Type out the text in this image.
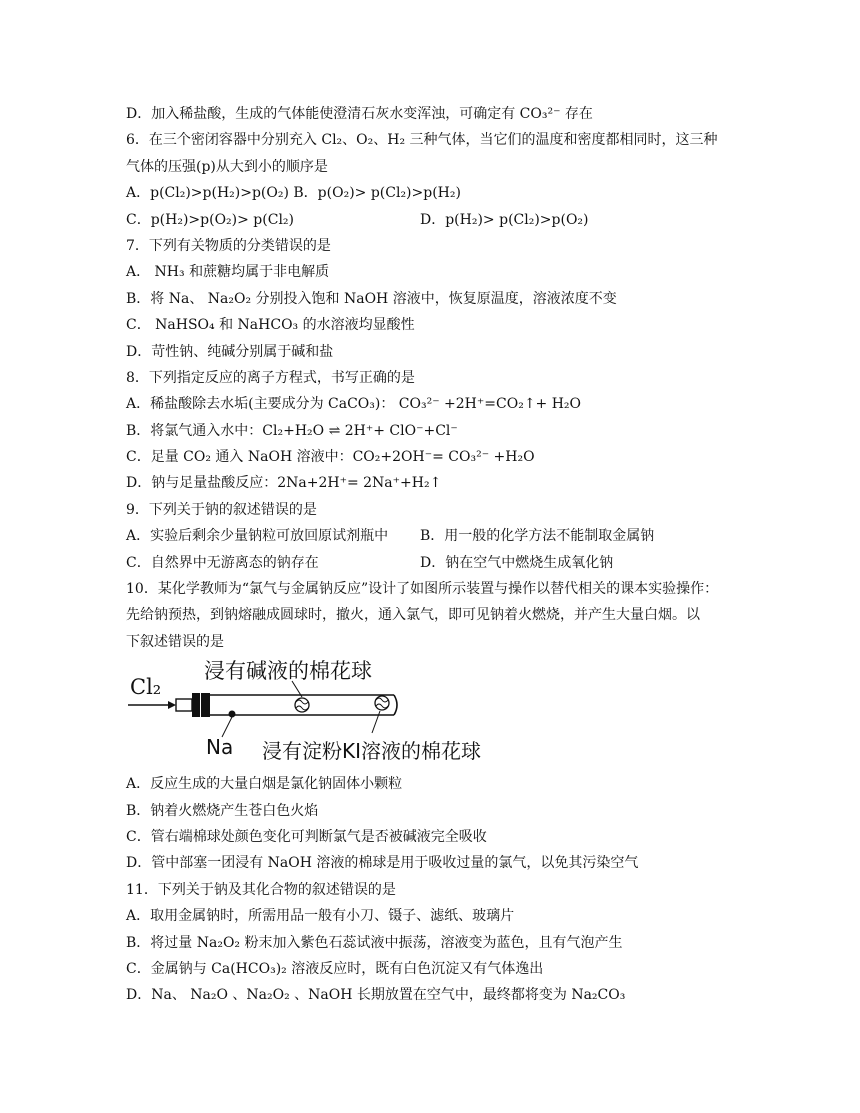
D．加入稀盐酸，生成的气体能使澄清石灰水变浑浊，可确定有 CO₃²⁻ 存在
6．在三个密闭容器中分别充入 Cl₂、O₂、H₂ 三种气体，当它们的温度和密度都相同时，这三种
气体的压强(p)从大到小的顺序是
A．p(Cl₂)>p(H₂)>p(O₂) B．p(O₂)> p(Cl₂)>p(H₂)
C．p(H₂)>p(O₂)> p(Cl₂)	D．p(H₂)> p(Cl₂)>p(O₂)
7．下列有关物质的分类错误的是
A． NH₃ 和蔗糖均属于非电解质
B．将 Na、 Na₂O₂ 分别投入饱和 NaOH 溶液中，恢复原温度，溶液浓度不变
C． NaHSO₄ 和 NaHCO₃ 的水溶液均显酸性
D．苛性钠、纯碱分别属于碱和盐
8．下列指定反应的离子方程式，书写正确的是
A．稀盐酸除去水垢(主要成分为 CaCO₃)： CO₃²⁻ +2H⁺=CO₂↑+ H₂O
B．将氯气通入水中：Cl₂+H₂O ⇌ 2H⁺+ ClO⁻+Cl⁻
C．足量 CO₂ 通入 NaOH 溶液中：CO₂+2OH⁻= CO₃²⁻ +H₂O
D．钠与足量盐酸反应：2Na+2H⁺= 2Na⁺+H₂↑
9．下列关于钠的叙述错误的是
A．实验后剩余少量钠粒可放回原试剂瓶中 B．用一般的化学方法不能制取金属钠
C．自然界中无游离态的钠存在	D．钠在空气中燃烧生成氧化钠
10．某化学教师为“氯气与金属钠反应”设计了如图所示装置与操作以替代相关的课本实验操作：
先给钠预热，到钠熔融成圆球时，撤火，通入氯气，即可见钠着火燃烧，并产生大量白烟。以
下叙述错误的是
浸有碱液的棉花球
Cl₂
Na 浸有淀粉KI溶液的棉花球
A．反应生成的大量白烟是氯化钠固体小颗粒
B．钠着火燃烧产生苍白色火焰
C．管右端棉球处颜色变化可判断氯气是否被碱液完全吸收
D．管中部塞一团浸有 NaOH 溶液的棉球是用于吸收过量的氯气，以免其污染空气
11．下列关于钠及其化合物的叙述错误的是
A．取用金属钠时，所需用品一般有小刀、镊子、滤纸、玻璃片
B．将过量 Na₂O₂ 粉末加入紫色石蕊试液中振荡，溶液变为蓝色，且有气泡产生
C．金属钠与 Ca(HCO₃)₂ 溶液反应时，既有白色沉淀又有气体逸出
D．Na、 Na₂O 、Na₂O₂ 、NaOH 长期放置在空气中，最终都将变为 Na₂CO₃
